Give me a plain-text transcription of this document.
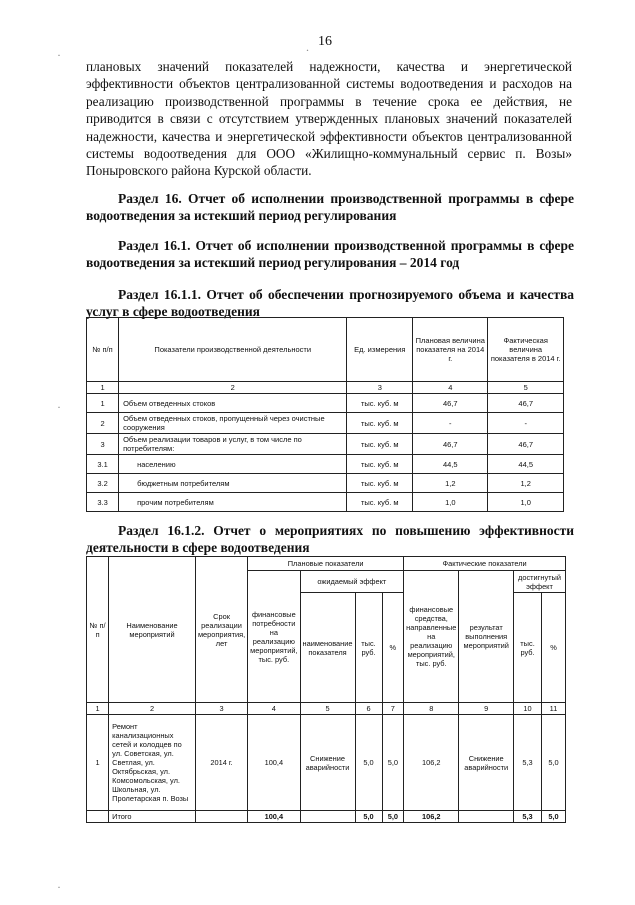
16
·
.
·
·

плановых значений показателей надежности, качества и энергетической эффективности объектов централизованной системы водоотведения и расходов на реализацию производственной программы в течение срока ее действия, не приводится в связи с отсутствием утвержденных плановых значений показателей надежности, качества и энергетической эффективности объектов централизованной системы водоотведения для ООО «Жилищно-коммунальный сервис п. Возы» Поныровского района Курской области.

Раздел 16. Отчет об исполнении производственной программы в сфере водоотведения за истекший период регулирования

Раздел 16.1. Отчет об исполнении производственной программы в сфере водоотведения за истекший период регулирования – 2014 год

Раздел 16.1.1. Отчет об обеспечении прогнозируемого объема и качества услуг в сфере водоотведения

№ п/п	Показатели производственной деятельности	Ед. измерения	Плановая величина показателя на 2014 г.	Фактическая величина показателя в 2014 г.
1	2	3	4	5
1	Объем отведенных стоков	тыс. куб. м	46,7	46,7
2	Объем отведенных стоков, пропущенный через очистные сооружения	тыс. куб. м	-	-
3	Объем реализации товаров и услуг, в том числе по потребителям:	тыс. куб. м	46,7	46,7
3.1	населению	тыс. куб. м	44,5	44,5
3.2	бюджетным потребителям	тыс. куб. м	1,2	1,2
3.3	прочим потребителям	тыс. куб. м	1,0	1,0

Раздел 16.1.2. Отчет о мероприятиях по повышению эффективности деятельности в сфере водоотведения

№ п/п	Наименование мероприятий	Срок реализации мероприятия, лет	Плановые показатели				Фактические показатели			
			финансовые потребности на реализацию мероприятий, тыс. руб.	ожидаемый эффект			финансовые средства, направленные на реализацию мероприятий, тыс. руб.	результат выполнения мероприятий	достигнутый эффект	
				наименование показателя	тыс. руб.	%			тыс. руб.	%
1	2	3	4	5	6	7	8	9	10	11
1	Ремонт канализационных сетей и колодцев по ул. Советская, ул. Светлая, ул. Октябрьская, ул. Комсомольская, ул. Школьная, ул. Пролетарская п. Возы	2014 г.	100,4	Снижение аварийности	5,0	5,0	106,2	Снижение аварийности	5,3	5,0
	Итого		100,4		5,0	5,0	106,2		5,3	5,0
